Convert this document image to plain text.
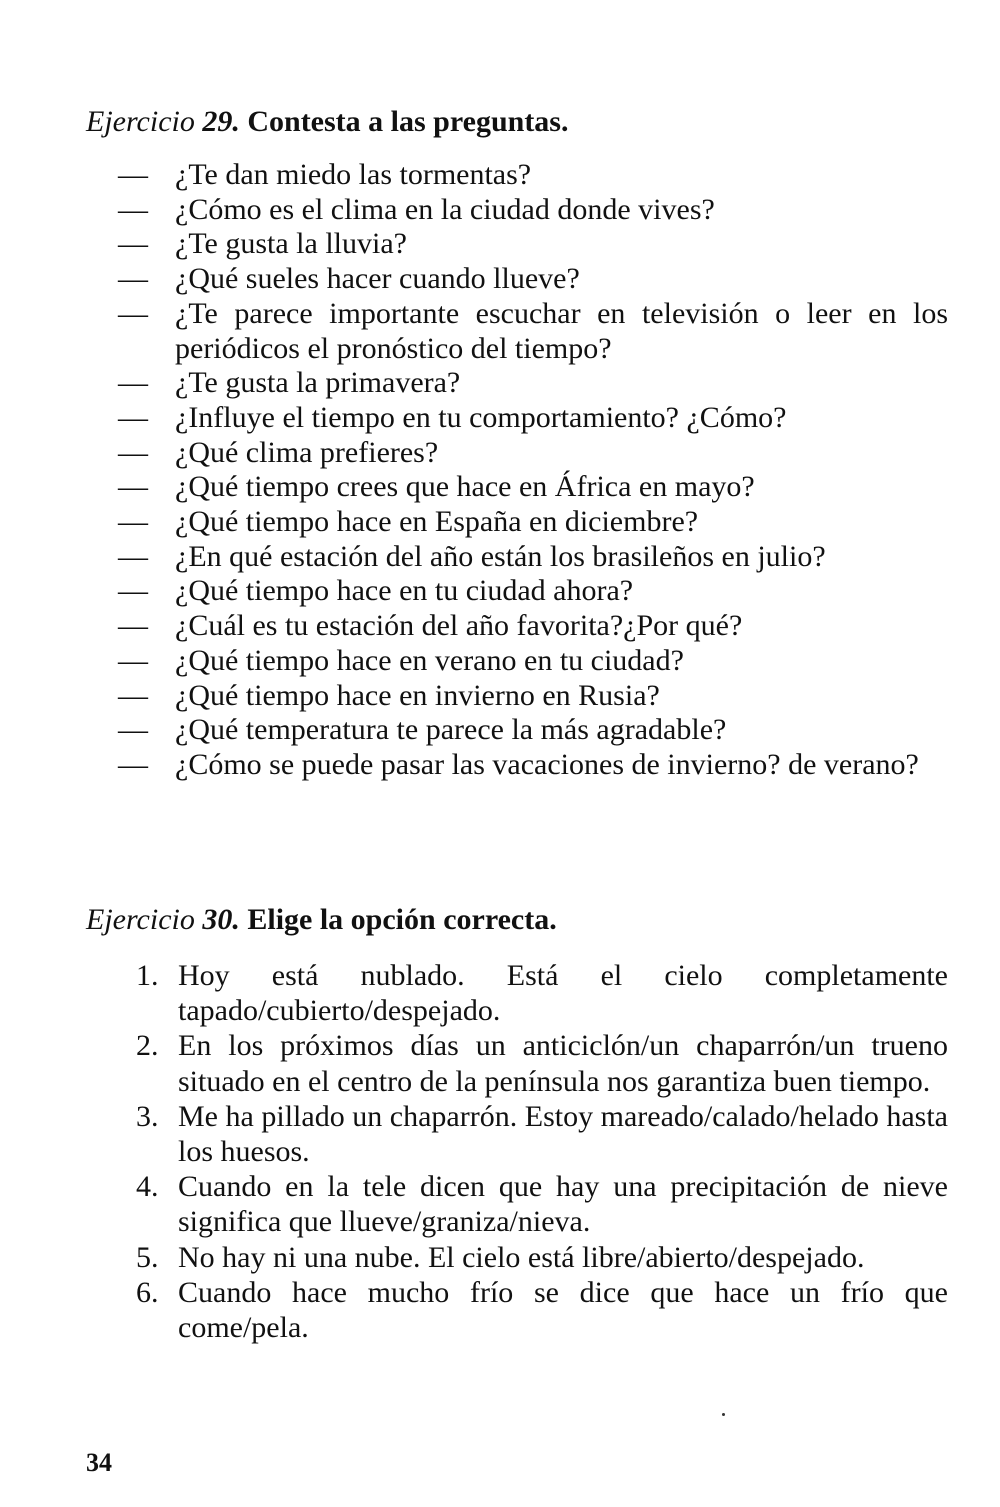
Ejercicio 29. Contesta a las preguntas.
— ¿Te dan miedo las tormentas?
— ¿Cómo es el clima en la ciudad donde vives?
— ¿Te gusta la lluvia?
— ¿Qué sueles hacer cuando llueve?
— ¿Te parece importante escuchar en televisión o leer en los periódicos el pronóstico del tiempo?
— ¿Te gusta la primavera?
— ¿Influye el tiempo en tu comportamiento? ¿Cómo?
— ¿Qué clima prefieres?
— ¿Qué tiempo crees que hace en África en mayo?
— ¿Qué tiempo hace en España en diciembre?
— ¿En qué estación del año están los brasileños en julio?
— ¿Qué tiempo hace en tu ciudad ahora?
— ¿Cuál es tu estación del año favorita?¿Por qué?
— ¿Qué tiempo hace en verano en tu ciudad?
— ¿Qué tiempo hace en invierno en Rusia?
— ¿Qué temperatura te parece la más agradable?
— ¿Cómo se puede pasar las vacaciones de invierno? de verano?
Ejercicio 30. Elige la opción correcta.
1. Hoy está nublado. Está el cielo completamente tapado/cubierto/despejado.
2. En los próximos días un anticiclón/un chaparrón/un trueno situado en el centro de la península nos garantiza buen tiempo.
3. Me ha pillado un chaparrón. Estoy mareado/calado/helado hasta los huesos.
4. Cuando en la tele dicen que hay una precipitación de nieve significa que llueve/graniza/nieva.
5. No hay ni una nube. El cielo está libre/abierto/despejado.
6. Cuando hace mucho frío se dice que hace un frío que come/pela.
34
